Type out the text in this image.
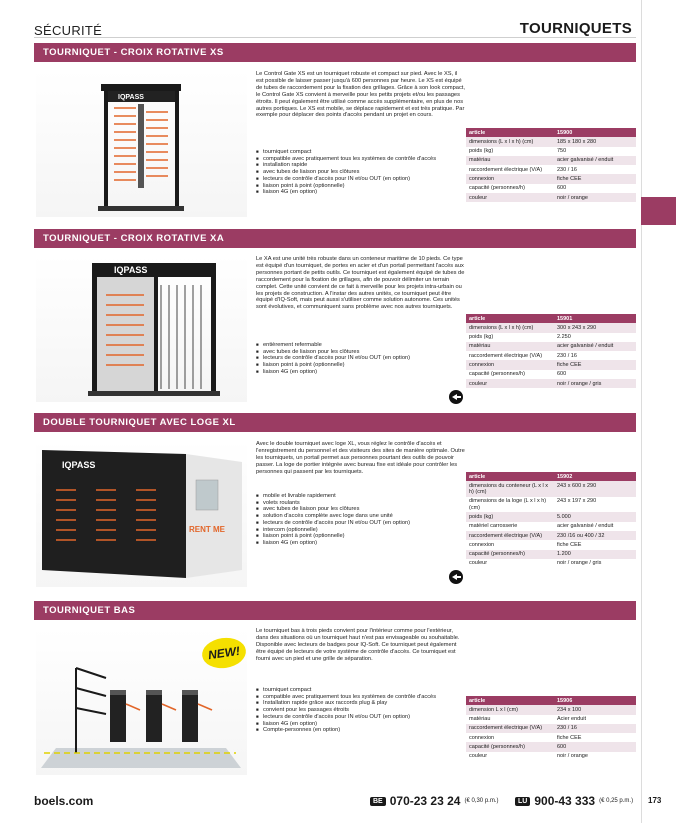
SÉCURITÉ	TOURNIQUETS
TOURNIQUET - CROIX ROTATIVE XS
IQPASS
Le Control Gate XS est un tourniquet robuste et compact sur pied. Avec le XS, il est possible de laisser passer jusqu'à 600 personnes par heure. Le XS est équipé de tubes de raccordement pour la fixation des grillages. Grâce à son look compact, le Control Gate XS convient à merveille pour les petits projets et/ou les passages étroits. Il peut également être utilisé comme accès supplémentaire, en plus de nos autres portiques. Le XS est mobile, se déplace rapidement et est très pratique. Par exemple pour déplacer des points d'accès pendant un projet en cours.
■ tourniquet compact
■ compatible avec pratiquement tous les systèmes de contrôle d'accès
■ installation rapide
■ avec tubes de liaison pour les clôtures
■ lecteurs de contrôle d'accès pour IN et/ou OUT (en option)
■ liaison point à point (optionnelle)
■ liaison 4G (en option)
article	15900
dimensions (L x l x h) (cm)	185 x 180 x 280
poids (kg)	750
matériau	acier galvanisé / enduit
raccordement électrique (V/A)	230 / 16
connexion	fiche CEE
capacité (personnes/h)	600
couleur	noir / orange
TOURNIQUET - CROIX ROTATIVE XA
IQPASS
Le XA est une unité très robuste dans un conteneur maritime de 10 pieds. Ce type est équipé d'un tourniquet, de portes en acier et d'un portail permettant l'accès aux personnes portant de petits outils. Ce tourniquet est également équipé de tubes de raccordement pour la fixation de grillages, afin de pouvoir délimiter un terrain complet. Cette unité convient de ce fait à merveille pour les projets intra-urbain ou les projets de construction. A l'instar des autres unités, ce tourniquet peut être équipé d'IQ-Soft, mais peut aussi s'utiliser comme solution autonome. Ces unités sont évolutives, et communiquent sans problème avec nos autres tourniquets.
■ entièrement refermable
■ avec tubes de liaison pour les clôtures
■ lecteurs de contrôle d'accès pour IN et/ou OUT (en option)
■ liaison point à point (optionnelle)
■ liaison 4G (en option)
article	15901
dimensions (L x l x h) (cm)	300 x 243 x 290
poids (kg)	2.250
matériau	acier galvanisé / enduit
raccordement électrique (V/A)	230 / 16
connexion	fiche CEE
capacité (personnes/h)	600
couleur	noir / orange / gris
DOUBLE TOURNIQUET AVEC LOGE XL
IQPASS
RENT ME
Avec le double tourniquet avec loge XL, vous réglez le contrôle d'accès et l'enregistrement du personnel et des visiteurs des sites de manière optimale. Outre les tourniquets, un portail permet aux personnes pourtant des outils de pouvoir passer. La loge de portier intégrée avec bureau fixe est idéale pour contrôler les personnes qui passent par les tourniquets.
■ mobile et livrable rapidement
■ volets roulants
■ avec tubes de liaison pour les clôtures
■ solution d'accès complète avec loge dans une unité
■ lecteurs de contrôle d'accès pour IN et/ou OUT (en option)
■ intercom (optionnelle)
■ liaison point à point (optionnelle)
■ liaison 4G (en option)
article	15902
dimensions du conteneur (L x l x h) (cm)	243 x 600 x 290
dimensions de la loge (L x l x h) (cm)	243 x 197 x 290
poids (kg)	5.000
matériel carrosserie	acier galvanisé / enduit
raccordement électrique (V/A)	230 /16 ou 400 / 32
connexion	fiche CEE
capacité (personnes/h)	1.200
couleur	noir / orange / gris
TOURNIQUET BAS
NEW!
Le tourniquet bas à trois pieds convient pour l'intérieur comme pour l'extérieur, dans des situations où un tourniquet haut n'est pas envisageable ou souhaitable. Disponible avec lecteurs de badges pour IQ-Soft. Ce tourniquet peut également être équipé de lecteurs de votre système de contrôle d'accès. Ce tourniquet est fourni avec un pied et une grille de séparation.
■ tourniquet compact
■ compatible avec pratiquement tous les systèmes de contrôle d'accès
■ Installation rapide grâce aux raccords plug & play
■ convient pour les passages étroits
■ lecteurs de contrôle d'accès pour IN et/ou OUT (en option)
■ liaison 4G (en option)
■ Compte-personnes (en option)
article	15906
dimension L x l (cm)	234 x 100
matériau	Acier enduit
raccordement électrique (V/A)	230 / 16
connexion	fiche CEE
capacité (personnes/h)	600
couleur	noir / orange
boels.com	BE 070-23 23 24 (€ 0,30 p.m.)	LU 900-43 333 (€ 0,25 p.m.) 173
